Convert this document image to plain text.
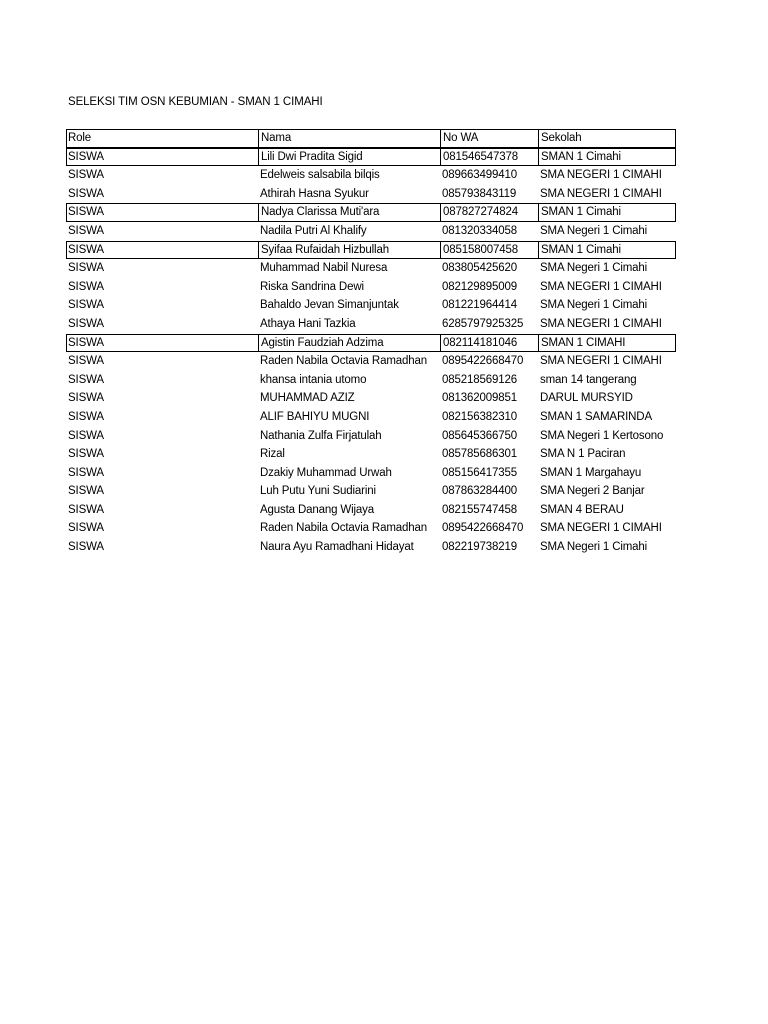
SELEKSI TIM OSN KEBUMIAN - SMAN 1 CIMAHI
Role	Nama	No WA	Sekolah
SISWA	Lili Dwi Pradita Sigid	081546547378	SMAN 1 Cimahi
SISWA	Edelweis salsabila bilqis	089663499410	SMA NEGERI 1 CIMAHI
SISWA	Athirah Hasna Syukur	085793843119	SMA NEGERI 1 CIMAHI
SISWA	Nadya Clarissa Muti'ara	087827274824	SMAN 1 Cimahi
SISWA	Nadila Putri Al Khalify	081320334058	SMA Negeri 1 Cimahi
SISWA	Syifaa Rufaidah Hizbullah	085158007458	SMAN 1 Cimahi
SISWA	Muhammad Nabil Nuresa	083805425620	SMA Negeri 1 Cimahi
SISWA	Riska Sandrina Dewi	082129895009	SMA NEGERI 1 CIMAHI
SISWA	Bahaldo Jevan Simanjuntak	081221964414	SMA Negeri 1 Cimahi
SISWA	Athaya Hani Tazkia	6285797925325	SMA NEGERI 1 CIMAHI
SISWA	Agistin Faudziah Adzima	082114181046	SMAN 1 CIMAHI
SISWA	Raden Nabila Octavia Ramadhan	0895422668470	SMA NEGERI 1 CIMAHI
SISWA	khansa intania utomo	085218569126	sman 14 tangerang
SISWA	MUHAMMAD AZIZ	081362009851	DARUL MURSYID
SISWA	ALIF BAHIYU MUGNI	082156382310	SMAN 1 SAMARINDA
SISWA	Nathania Zulfa Firjatulah	085645366750	SMA Negeri 1 Kertosono
SISWA	Rizal	085785686301	SMA N 1 Paciran
SISWA	Dzakiy Muhammad Urwah	085156417355	SMAN 1 Margahayu
SISWA	Luh Putu Yuni Sudiarini	087863284400	SMA Negeri 2 Banjar
SISWA	Agusta Danang Wijaya	082155747458	SMAN 4 BERAU
SISWA	Raden Nabila Octavia Ramadhan	0895422668470	SMA NEGERI 1 CIMAHI
SISWA	Naura Ayu Ramadhani Hidayat	082219738219	SMA Negeri 1 Cimahi
